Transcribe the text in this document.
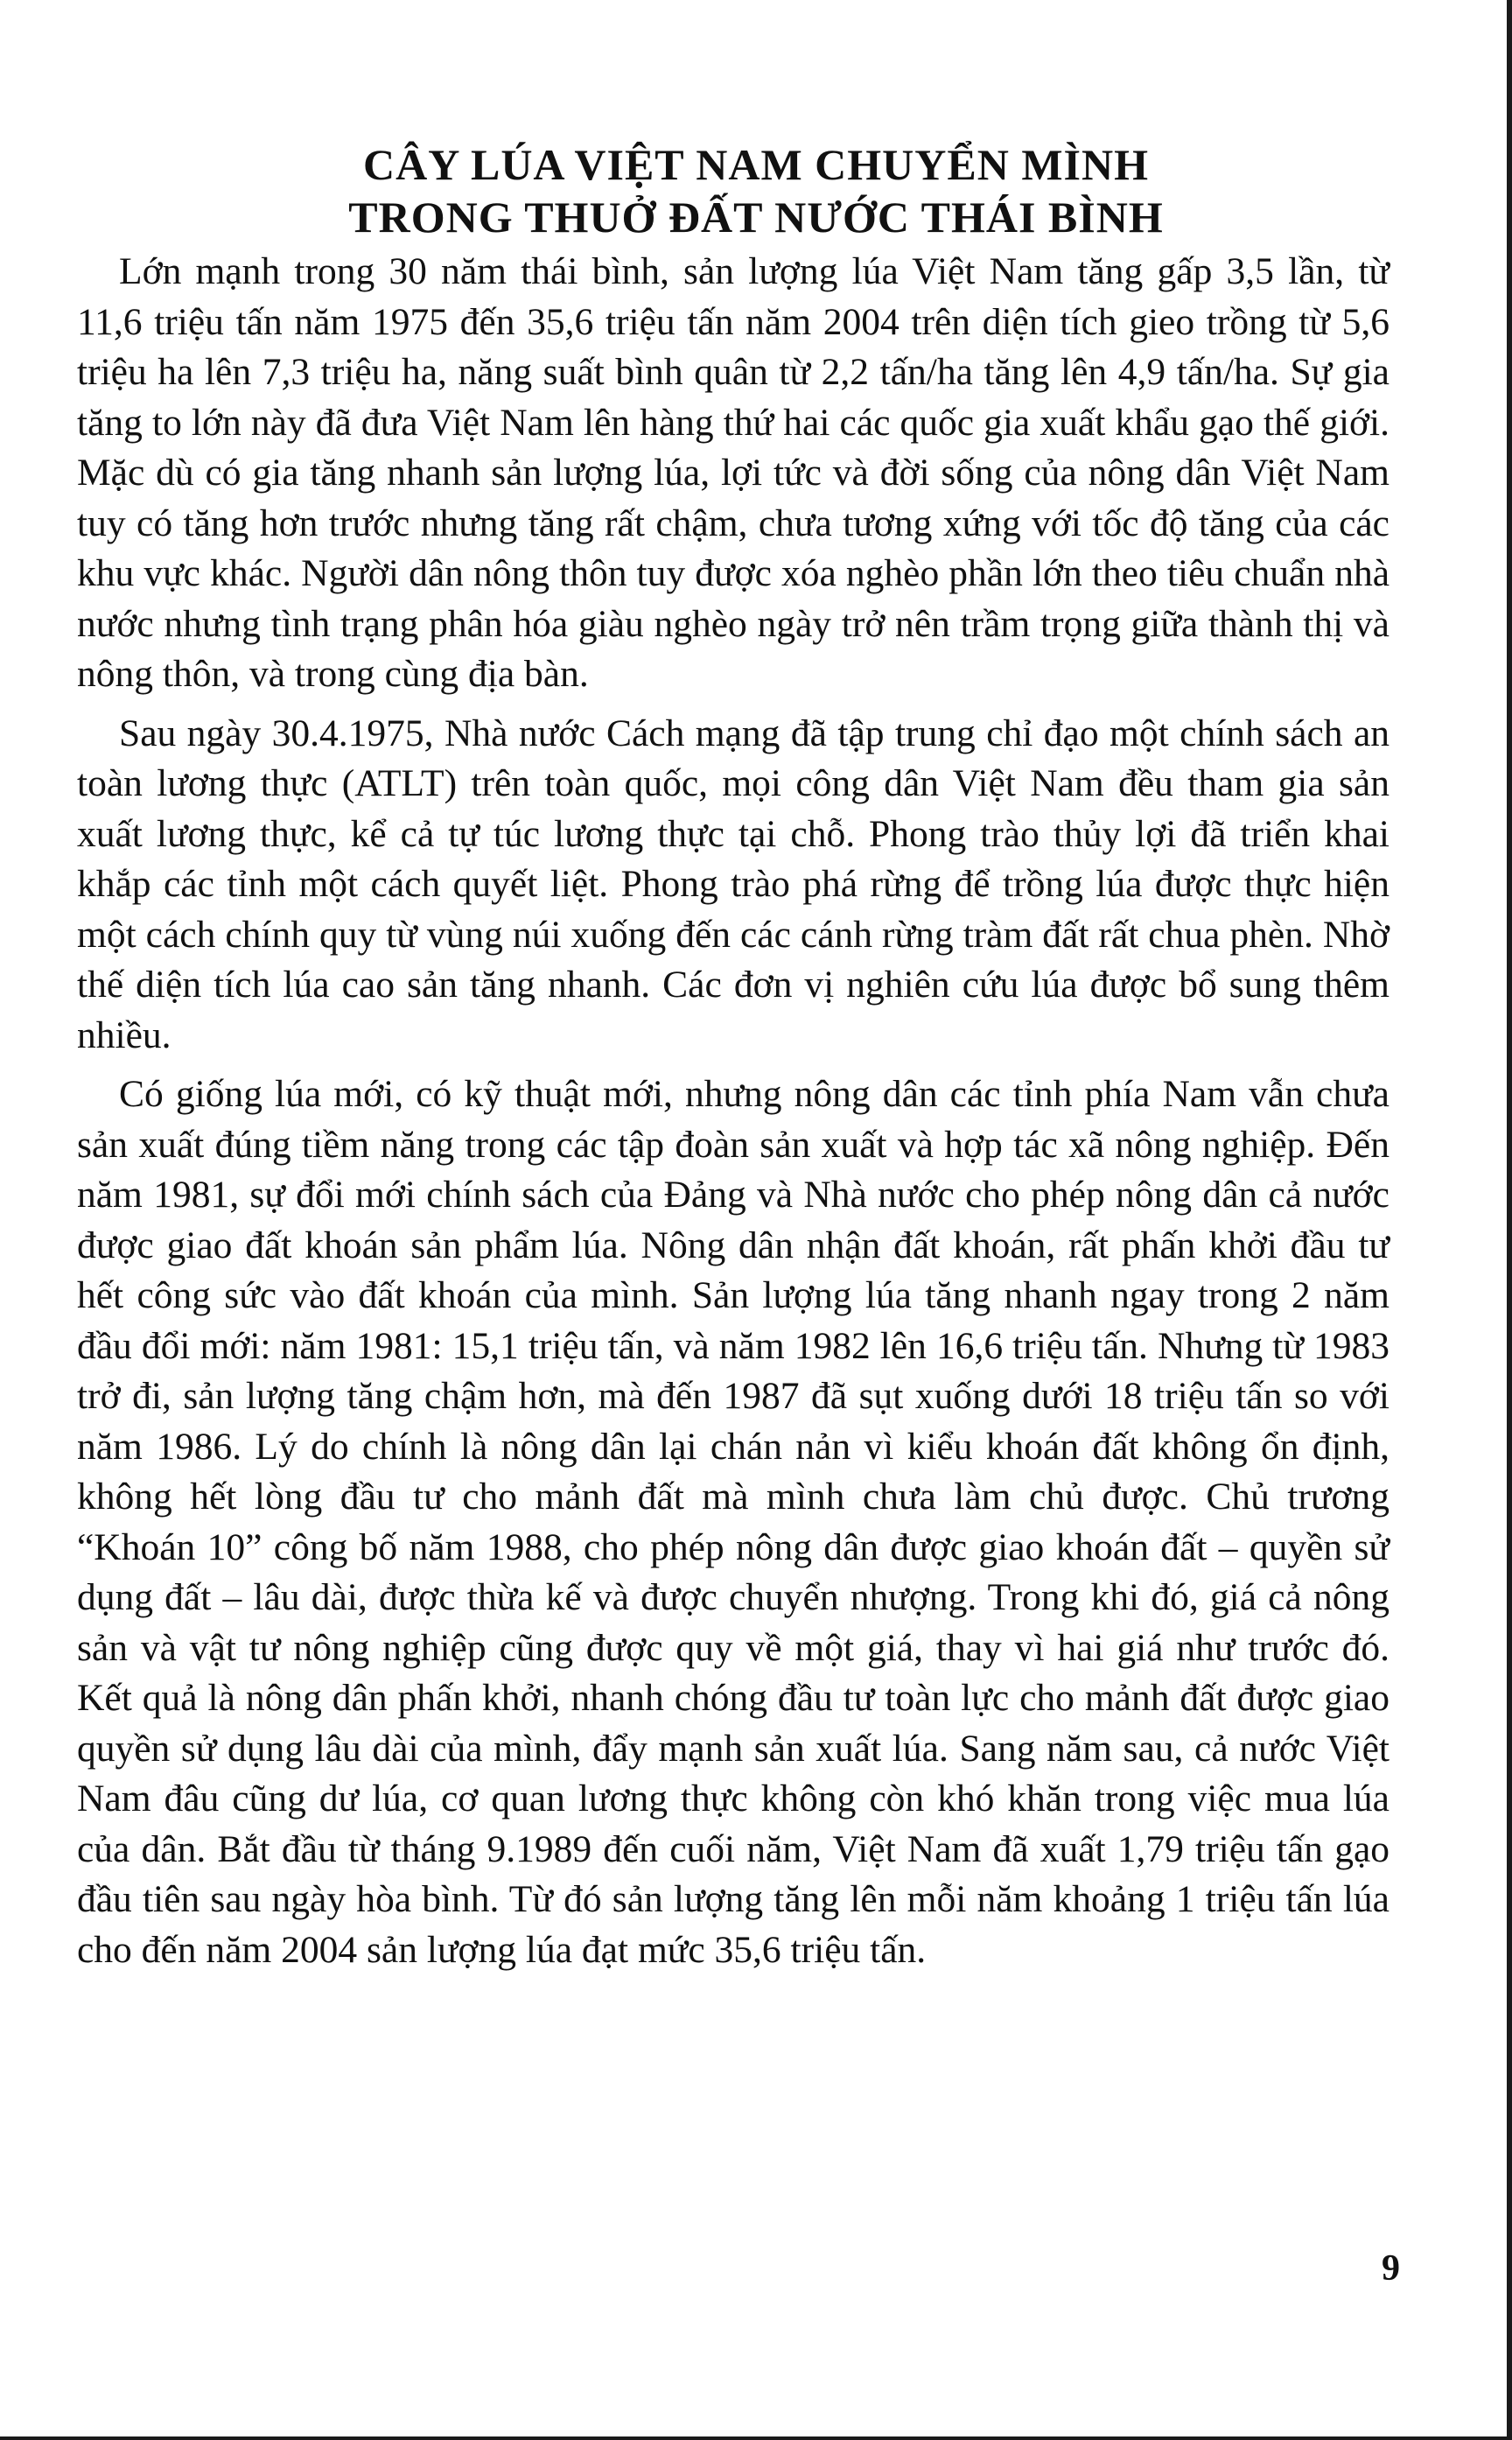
CÂY LÚA VIỆT NAM CHUYỂN MÌNH
TRONG THUỞ ĐẤT NƯỚC THÁI BÌNH

Lớn mạnh trong 30 năm thái bình, sản lượng lúa Việt Nam tăng gấp 3,5 lần, từ 11,6 triệu tấn năm 1975 đến 35,6 triệu tấn năm 2004 trên diện tích gieo trồng từ 5,6 triệu ha lên 7,3 triệu ha, năng suất bình quân từ 2,2 tấn/ha tăng lên 4,9 tấn/ha. Sự gia tăng to lớn này đã đưa Việt Nam lên hàng thứ hai các quốc gia xuất khẩu gạo thế giới. Mặc dù có gia tăng nhanh sản lượng lúa, lợi tức và đời sống của nông dân Việt Nam tuy có tăng hơn trước nhưng tăng rất chậm, chưa tương xứng với tốc độ tăng của các khu vực khác. Người dân nông thôn tuy được xóa nghèo phần lớn theo tiêu chuẩn nhà nước nhưng tình trạng phân hóa giàu nghèo ngày trở nên trầm trọng giữa thành thị và nông thôn, và trong cùng địa bàn.

Sau ngày 30.4.1975, Nhà nước Cách mạng đã tập trung chỉ đạo một chính sách an toàn lương thực (ATLT) trên toàn quốc, mọi công dân Việt Nam đều tham gia sản xuất lương thực, kể cả tự túc lương thực tại chỗ. Phong trào thủy lợi đã triển khai khắp các tỉnh một cách quyết liệt. Phong trào phá rừng để trồng lúa được thực hiện một cách chính quy từ vùng núi xuống đến các cánh rừng tràm đất rất chua phèn. Nhờ thế diện tích lúa cao sản tăng nhanh. Các đơn vị nghiên cứu lúa được bổ sung thêm nhiều.

Có giống lúa mới, có kỹ thuật mới, nhưng nông dân các tỉnh phía Nam vẫn chưa sản xuất đúng tiềm năng trong các tập đoàn sản xuất và hợp tác xã nông nghiệp. Đến năm 1981, sự đổi mới chính sách của Đảng và Nhà nước cho phép nông dân cả nước được giao đất khoán sản phẩm lúa. Nông dân nhận đất khoán, rất phấn khởi đầu tư hết công sức vào đất khoán của mình. Sản lượng lúa tăng nhanh ngay trong 2 năm đầu đổi mới: năm 1981: 15,1 triệu tấn, và năm 1982 lên 16,6 triệu tấn. Nhưng từ 1983 trở đi, sản lượng tăng chậm hơn, mà đến 1987 đã sụt xuống dưới 18 triệu tấn so với năm 1986. Lý do chính là nông dân lại chán nản vì kiểu khoán đất không ổn định, không hết lòng đầu tư cho mảnh đất mà mình chưa làm chủ được. Chủ trương “Khoán 10” công bố năm 1988, cho phép nông dân được giao khoán đất – quyền sử dụng đất – lâu dài, được thừa kế và được chuyển nhượng. Trong khi đó, giá cả nông sản và vật tư nông nghiệp cũng được quy về một giá, thay vì hai giá như trước đó. Kết quả là nông dân phấn khởi, nhanh chóng đầu tư toàn lực cho mảnh đất được giao quyền sử dụng lâu dài của mình, đẩy mạnh sản xuất lúa. Sang năm sau, cả nước Việt Nam đâu cũng dư lúa, cơ quan lương thực không còn khó khăn trong việc mua lúa của dân. Bắt đầu từ tháng 9.1989 đến cuối năm, Việt Nam đã xuất 1,79 triệu tấn gạo đầu tiên sau ngày hòa bình. Từ đó sản lượng tăng lên mỗi năm khoảng 1 triệu tấn lúa cho đến năm 2004 sản lượng lúa đạt mức 35,6 triệu tấn.

9
